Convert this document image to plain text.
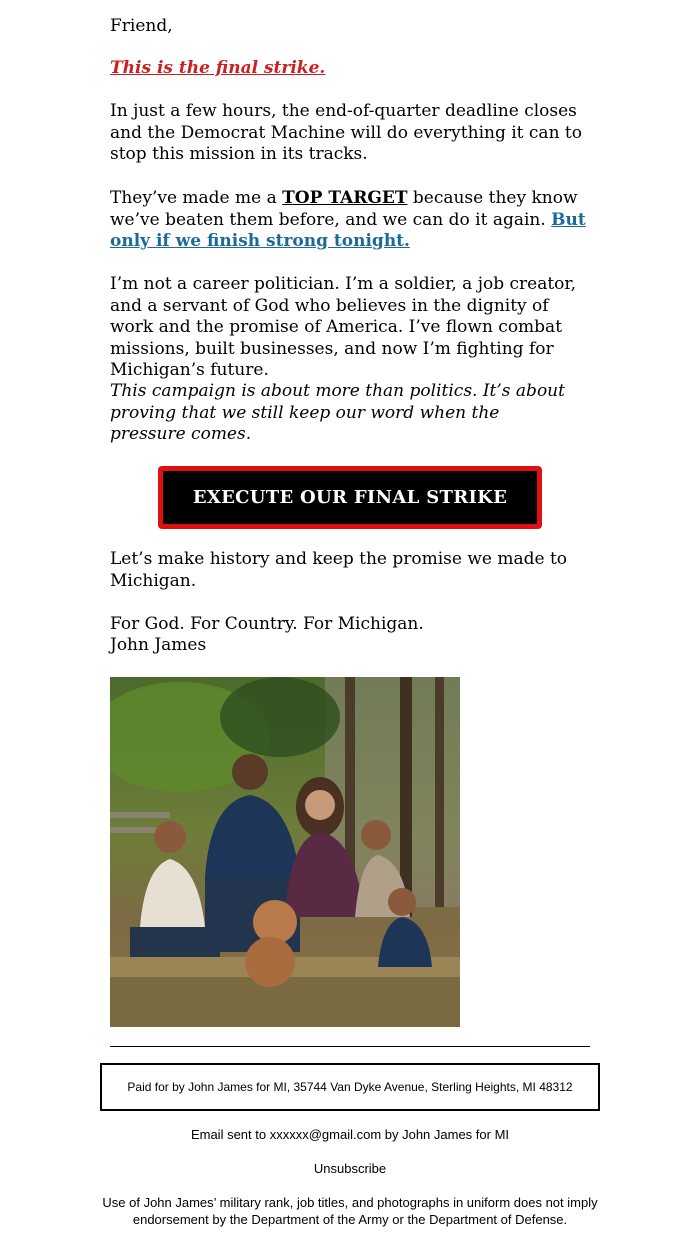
Friend,

This is the final strike.

In just a few hours, the end-of-quarter deadline closes and the Democrat Machine will do everything it can to stop this mission in its tracks.

They’ve made me a TOP TARGET because they know we’ve beaten them before, and we can do it again. But only if we finish strong tonight.

I’m not a career politician. I’m a soldier, a job creator, and a servant of God who believes in the dignity of work and the promise of America. I’ve flown combat missions, built businesses, and now I’m fighting for Michigan’s future.

This campaign is about more than politics. It’s about proving that we still keep our word when the pressure comes.

EXECUTE OUR FINAL STRIKE

Let’s make history and keep the promise we made to Michigan.

For God. For Country. For Michigan.

John James

Paid for by John James for MI, 35744 Van Dyke Avenue, Sterling Heights, MI 48312

Email sent to xxxxxx@gmail.com by John James for MI

Unsubscribe

Use of John James’ military rank, job titles, and photographs in uniform does not imply endorsement by the Department of the Army or the Department of Defense.
